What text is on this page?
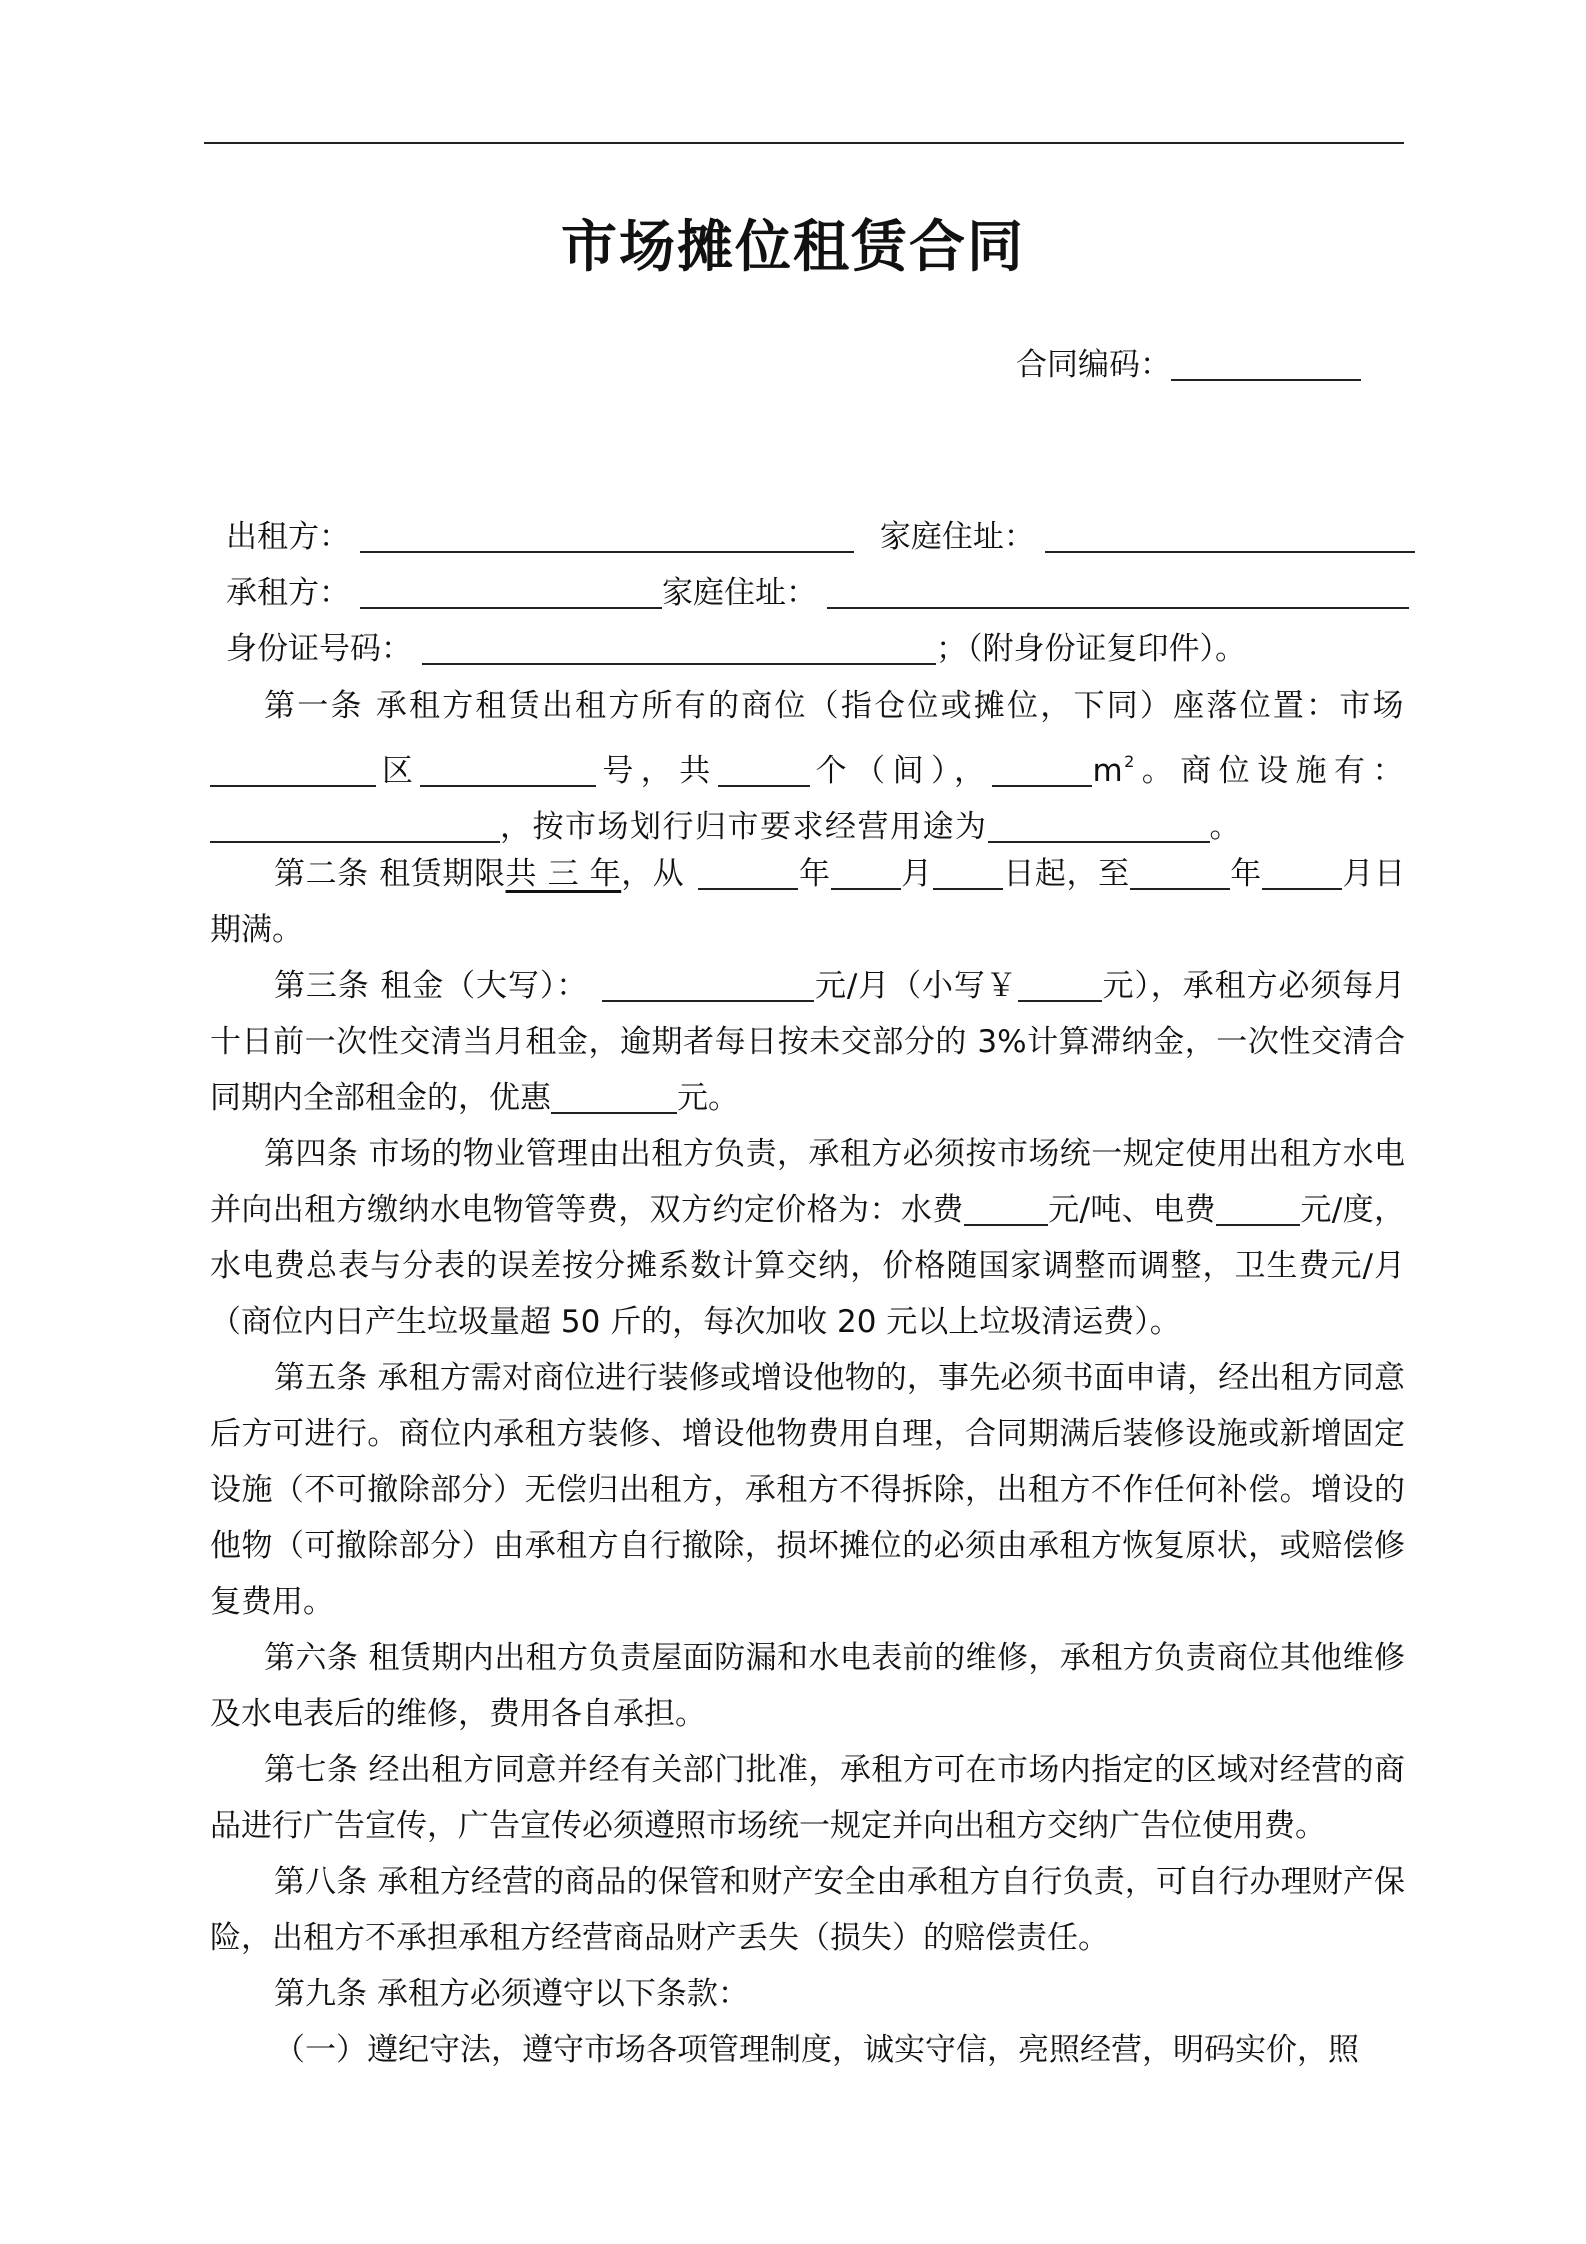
市场摊位租赁合同
合同编码：
出租方：	家庭住址：
承租方：	家庭住址：
身份证号码：	；（附身份证复印件）。
第一条 承租方租赁出租方所有的商位（指仓位或摊位，下同）座落位置：市场区	号，共	个（间），	$m^2$。商位设施有：，按市场划行归市要求经营用途为	。
第二条 租赁期限共 三 年，从	年 月 日起，至	年	月日期满。
第三条 租金（大写）：	元/月（小写￥	元），承租方必须每月十日前一次性交清当月租金，逾期者每日按未交部分的 3%计算滞纳金，一次性交清合同期内全部租金的，优惠	元。
第四条 市场的物业管理由出租方负责，承租方必须按市场统一规定使用出租方水电并向出租方缴纳水电物管等费，双方约定价格为：水费	元/吨、电费	元/度，水电费总表与分表的误差按分摊系数计算交纳，价格随国家调整而调整，卫生费元/月（商位内日产生垃圾量超 50 斤的，每次加收 20 元以上垃圾清运费）。
第五条 承租方需对商位进行装修或增设他物的，事先必须书面申请，经出租方同意后方可进行。商位内承租方装修、增设他物费用自理，合同期满后装修设施或新增固定设施（不可撤除部分）无偿归出租方，承租方不得拆除，出租方不作任何补偿。增设的他物（可撤除部分）由承租方自行撤除，损坏摊位的必须由承租方恢复原状，或赔偿修复费用。
第六条 租赁期内出租方负责屋面防漏和水电表前的维修，承租方负责商位其他维修及水电表后的维修，费用各自承担。
第七条 经出租方同意并经有关部门批准，承租方可在市场内指定的区域对经营的商品进行广告宣传，广告宣传必须遵照市场统一规定并向出租方交纳广告位使用费。
第八条 承租方经营的商品的保管和财产安全由承租方自行负责，可自行办理财产保险，出租方不承担承租方经营商品财产丢失（损失）的赔偿责任。
第九条 承租方必须遵守以下条款：
（一）遵纪守法，遵守市场各项管理制度，诚实守信，亮照经营，明码实价，照
